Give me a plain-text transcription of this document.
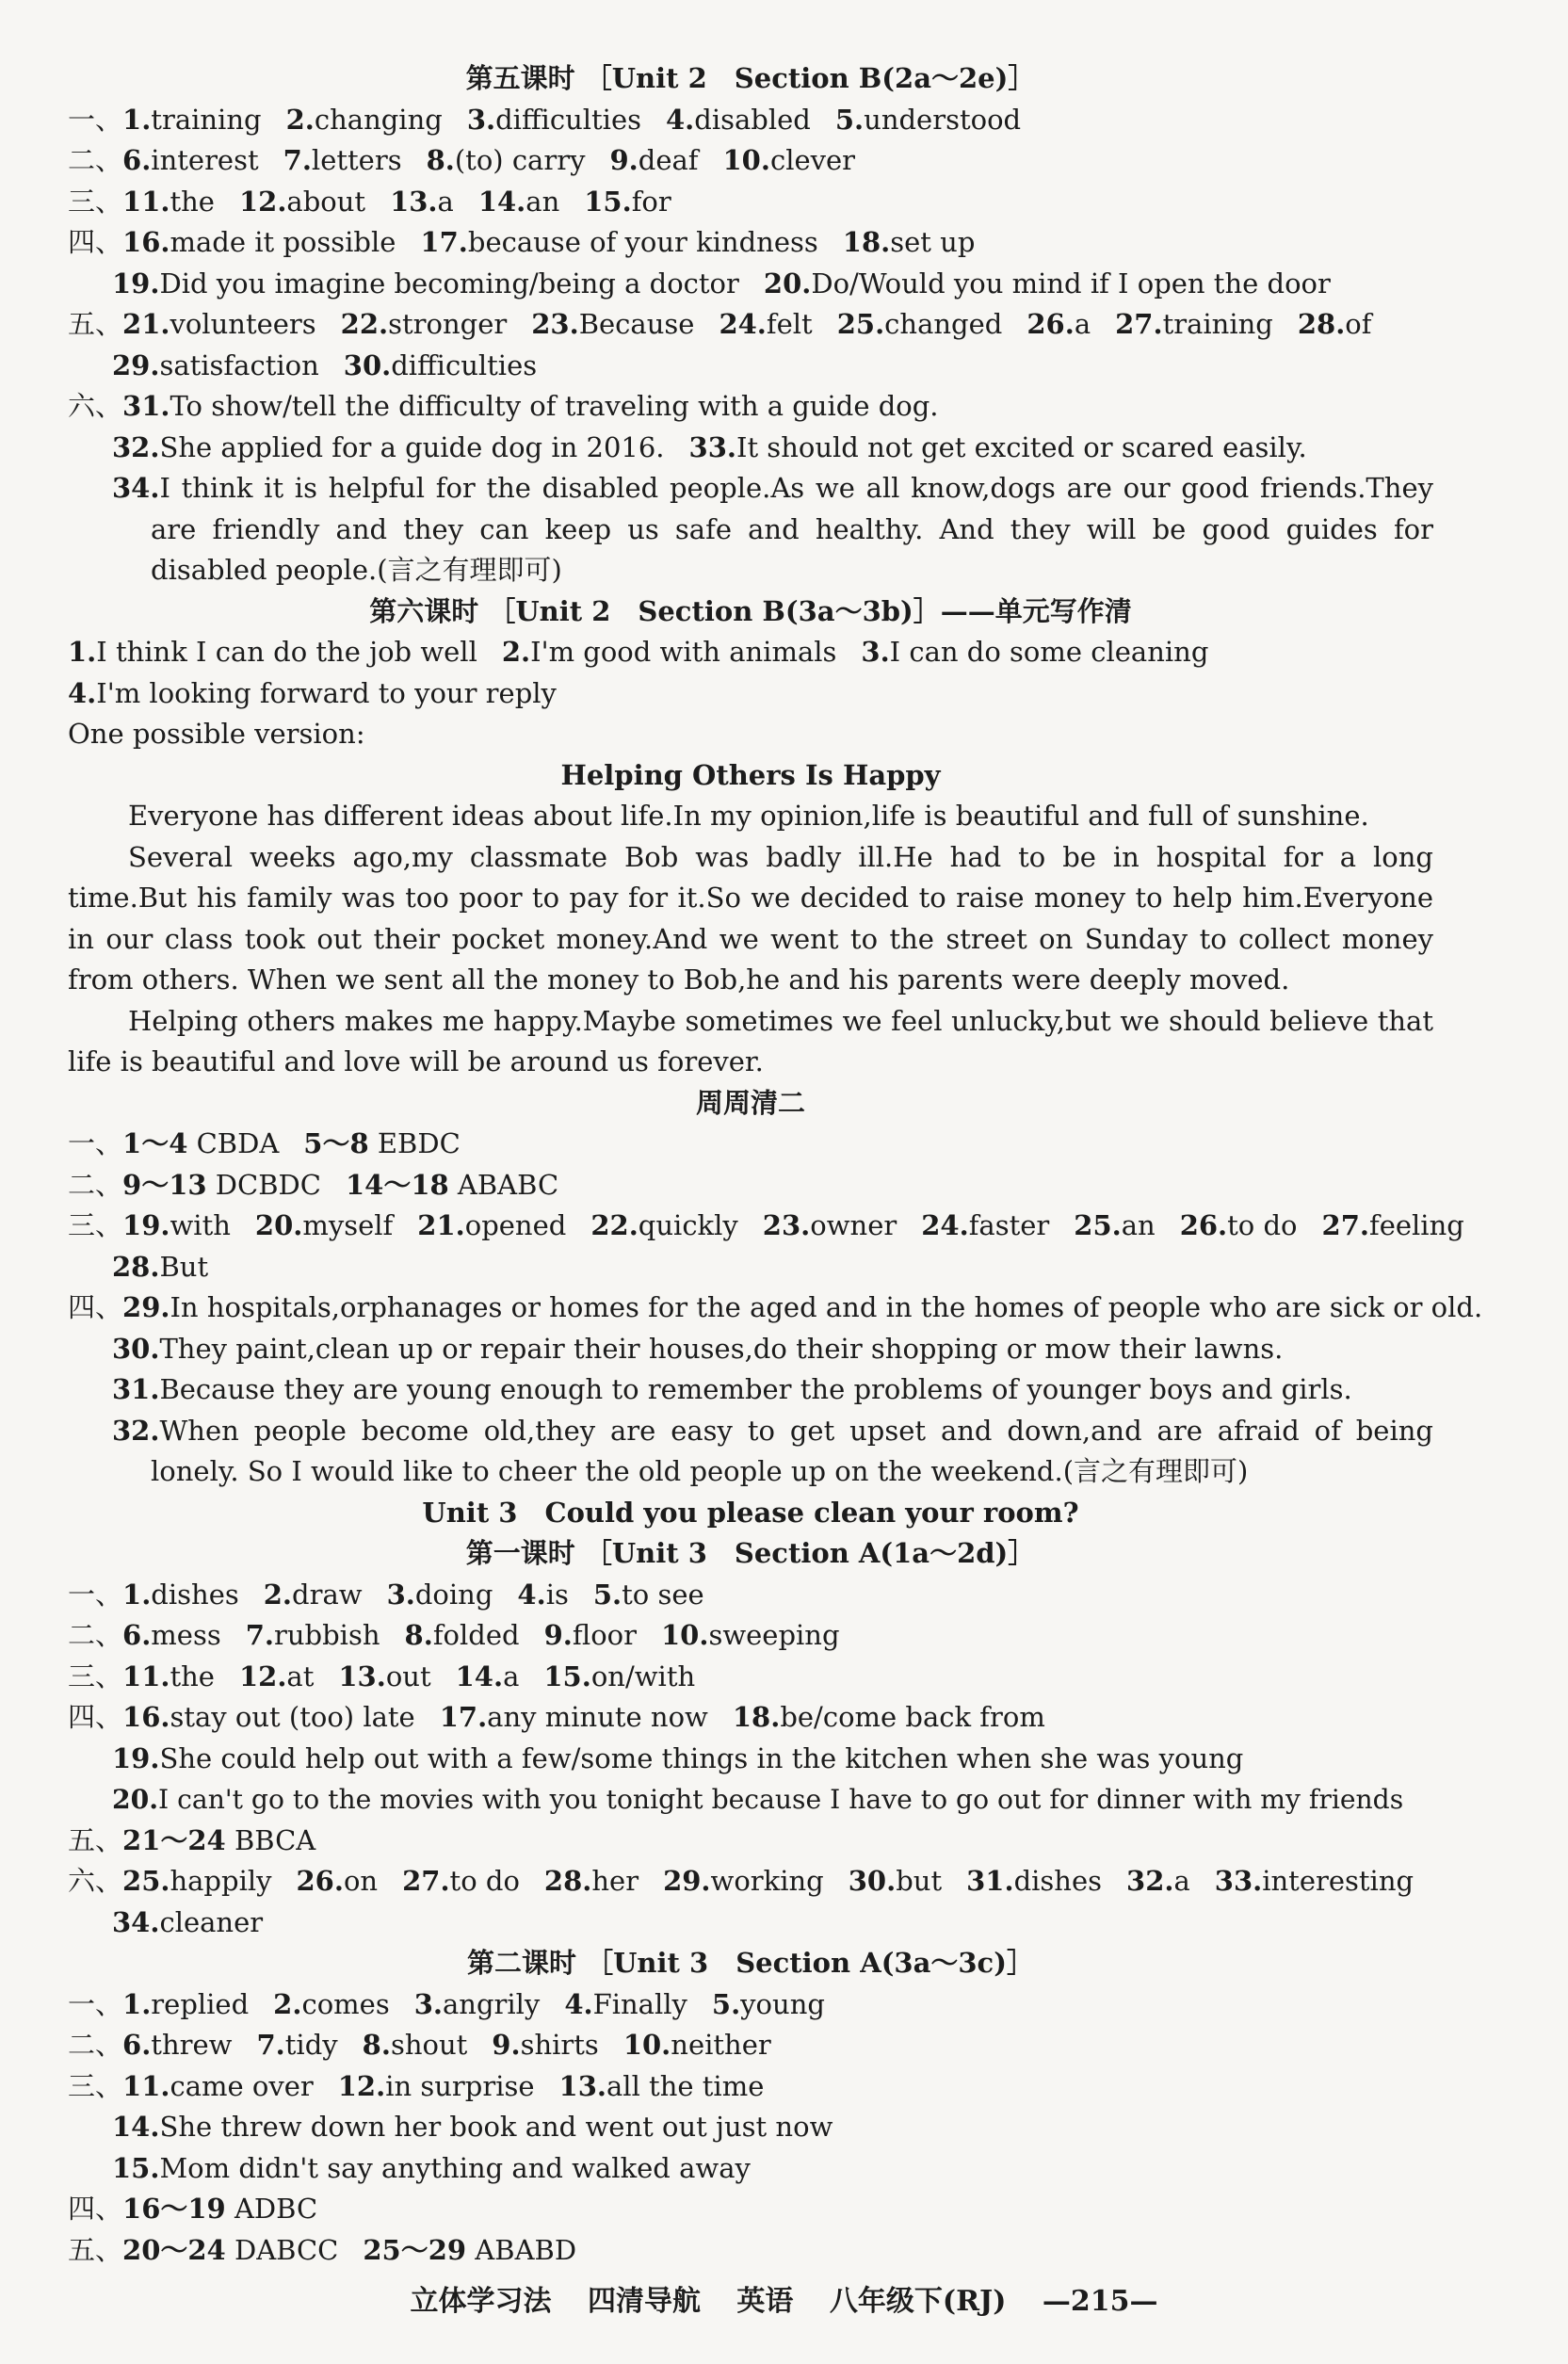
第五课时 ［Unit 2　Section B(2a～2e)］
一、1.training 2.changing 3.difficulties 4.disabled 5.understood
二、6.interest 7.letters 8.(to) carry 9.deaf 10.clever
三、11.the 12.about 13.a 14.an 15.for
四、16.made it possible 17.because of your kindness 18.set up
19.Did you imagine becoming/being a doctor 20.Do/Would you mind if I open the door
五、21.volunteers 22.stronger 23.Because 24.felt 25.changed 26.a 27.training 28.of
29.satisfaction 30.difficulties
六、31.To show/tell the difficulty of traveling with a guide dog.
32.She applied for a guide dog in 2016. 33.It should not get excited or scared easily.
34.I think it is helpful for the disabled people.As we all know,dogs are our good friends.They are friendly and they can keep us safe and healthy. And they will be good guides for disabled people.(言之有理即可)
第六课时 ［Unit 2　Section B(3a～3b)］——单元写作清
1.I think I can do the job well 2.I'm good with animals 3.I can do some cleaning
4.I'm looking forward to your reply
One possible version:
Helping Others Is Happy
Everyone has different ideas about life.In my opinion,life is beautiful and full of sunshine.
Several weeks ago,my classmate Bob was badly ill.He had to be in hospital for a long time.But his family was too poor to pay for it.So we decided to raise money to help him.Everyone in our class took out their pocket money.And we went to the street on Sunday to collect money from others. When we sent all the money to Bob,he and his parents were deeply moved.
Helping others makes me happy.Maybe sometimes we feel unlucky,but we should believe that life is beautiful and love will be around us forever.
周周清二
一、1～4 CBDA 5～8 EBDC
二、9～13 DCBDC 14～18 ABABC
三、19.with 20.myself 21.opened 22.quickly 23.owner 24.faster 25.an 26.to do 27.feeling
28.But
四、29.In hospitals,orphanages or homes for the aged and in the homes of people who are sick or old.
30.They paint,clean up or repair their houses,do their shopping or mow their lawns.
31.Because they are young enough to remember the problems of younger boys and girls.
32.When people become old,they are easy to get upset and down,and are afraid of being lonely. So I would like to cheer the old people up on the weekend.(言之有理即可)
Unit 3　Could you please clean your room?
第一课时 ［Unit 3　Section A(1a～2d)］
一、1.dishes 2.draw 3.doing 4.is 5.to see
二、6.mess 7.rubbish 8.folded 9.floor 10.sweeping
三、11.the 12.at 13.out 14.a 15.on/with
四、16.stay out (too) late 17.any minute now 18.be/come back from
19.She could help out with a few/some things in the kitchen when she was young
20.I can't go to the movies with you tonight because I have to go out for dinner with my friends
五、21～24 BBCA
六、25.happily 26.on 27.to do 28.her 29.working 30.but 31.dishes 32.a 33.interesting
34.cleaner
第二课时 ［Unit 3　Section A(3a～3c)］
一、1.replied 2.comes 3.angrily 4.Finally 5.young
二、6.threw 7.tidy 8.shout 9.shirts 10.neither
三、11.came over 12.in surprise 13.all the time
14.She threw down her book and went out just now
15.Mom didn't say anything and walked away
四、16～19 ADBC
五、20～24 DABCC 25～29 ABABD
立体学习法 四清导航 英语 八年级下(RJ) —215—
